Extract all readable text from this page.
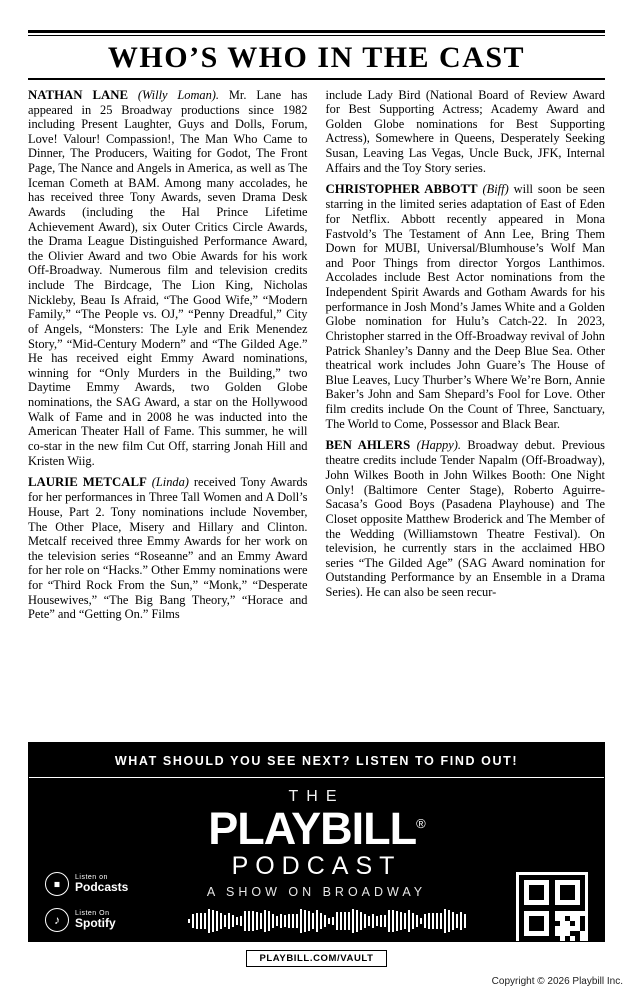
WHO’S WHO IN THE CAST

NATHAN LANE (Willy Loman). Mr. Lane has appeared in 25 Broadway productions since 1982 including Present Laughter, Guys and Dolls, Forum, Love! Valour! Compassion!, The Man Who Came to Dinner, The Producers, Waiting for Godot, The Front Page, The Nance and Angels in America, as well as The Iceman Cometh at BAM. Among many accolades, he has received three Tony Awards, seven Drama Desk Awards (including the Hal Prince Lifetime Achievement Award), six Outer Critics Circle Awards, the Drama League Distinguished Performance Award, the Olivier Award and two Obie Awards for his work Off-Broadway. Numerous film and television credits include The Birdcage, The Lion King, Nicholas Nickleby, Beau Is Afraid, “The Good Wife,” “Modern Family,” “The People vs. OJ,” “Penny Dreadful,” City of Angels, “Monsters: The Lyle and Erik Menendez Story,” “Mid-Century Modern” and “The Gilded Age.” He has received eight Emmy Award nominations, winning for “Only Murders in the Building,” two Daytime Emmy Awards, two Golden Globe nominations, the SAG Award, a star on the Hollywood Walk of Fame and in 2008 he was inducted into the American Theater Hall of Fame. This summer, he will co-star in the new film Cut Off, starring Jonah Hill and Kristen Wiig.

LAURIE METCALF (Linda) received Tony Awards for her performances in Three Tall Women and A Doll’s House, Part 2. Tony nominations include November, The Other Place, Misery and Hillary and Clinton. Metcalf received three Emmy Awards for her work on the television series “Roseanne” and an Emmy Award for her role on “Hacks.” Other Emmy nominations were for “Third Rock From the Sun,” “Monk,” “Desperate Housewives,” “The Big Bang Theory,” “Horace and Pete” and “Getting On.” Films

include Lady Bird (National Board of Review Award for Best Supporting Actress; Academy Award and Golden Globe nominations for Best Supporting Actress), Somewhere in Queens, Desperately Seeking Susan, Leaving Las Vegas, Uncle Buck, JFK, Internal Affairs and the Toy Story series.

CHRISTOPHER ABBOTT (Biff) will soon be seen starring in the limited series adaptation of East of Eden for Netflix. Abbott recently appeared in Mona Fastvold’s The Testament of Ann Lee, Bring Them Down for MUBI, Universal/Blumhouse’s Wolf Man and Poor Things from director Yorgos Lanthimos. Accolades include Best Actor nominations from the Independent Spirit Awards and Gotham Awards for his performance in Josh Mond’s James White and a Golden Globe nomination for Hulu’s Catch-22. In 2023, Christopher starred in the Off-Broadway revival of John Patrick Shanley’s Danny and the Deep Blue Sea. Other theatrical work includes John Guare’s The House of Blue Leaves, Lucy Thurber’s Where We’re Born, Annie Baker’s John and Sam Shepard’s Fool for Love. Other film credits include On the Count of Three, Sanctuary, The World to Come, Possessor and Black Bear.

BEN AHLERS (Happy). Broadway debut. Previous theatre credits include Tender Napalm (Off-Broadway), John Wilkes Booth in John Wilkes Booth: One Night Only! (Baltimore Center Stage), Roberto Aguirre-Sacasa’s Good Boys (Pasadena Playhouse) and The Closet opposite Matthew Broderick and The Member of the Wedding (Williamstown Theatre Festival). On television, he currently stars in the acclaimed HBO series “The Gilded Age” (SAG Award nomination for Outstanding Performance by an Ensemble in a Drama Series). He can also be seen recur-

WHAT SHOULD YOU SEE NEXT? LISTEN TO FIND OUT!
THE
PLAYBILL®
PODCAST
A SHOW ON BROADWAY
⏹	Listen on
Podcasts
♪	Listen On
Spotify
PLAYBILL.COM/VAULT
Copyright © 2026 Playbill Inc.
